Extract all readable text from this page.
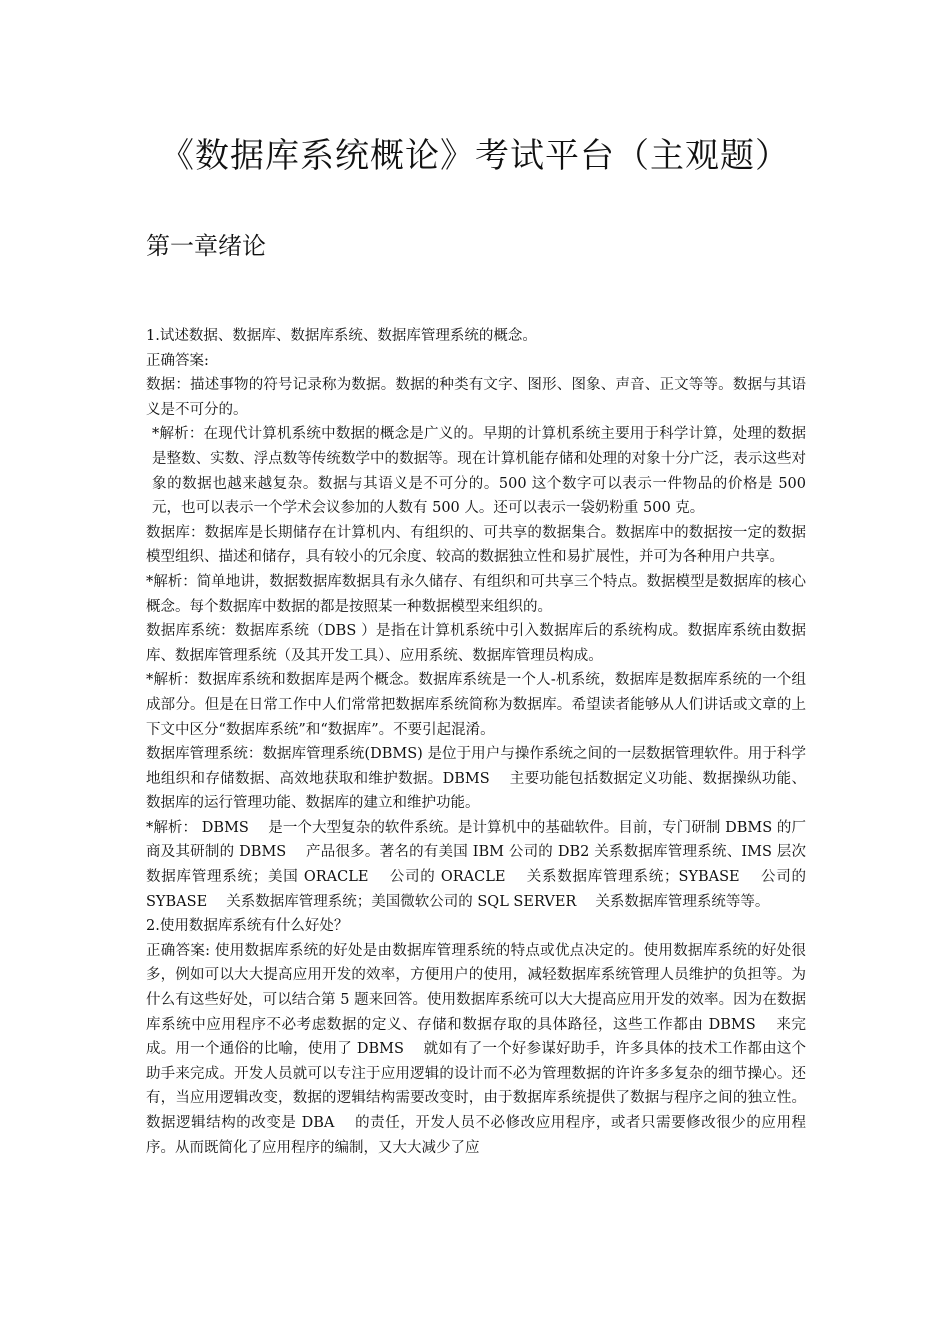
《数据库系统概论》考试平台（主观题）
第一章绪论

1.试述数据、数据库、数据库系统、数据库管理系统的概念。

正确答案:

数据：描述事物的符号记录称为数据。数据的种类有文字、图形、图象、声音、正文等等。数据与其语义是不可分的。

*解析：在现代计算机系统中数据的概念是广义的。早期的计算机系统主要用于科学计算，处理的数据是整数、实数、浮点数等传统数学中的数据等。现在计算机能存储和处理的对象十分广泛，表示这些对象的数据也越来越复杂。数据与其语义是不可分的。500 这个数字可以表示一件物品的价格是 500 元，也可以表示一个学术会议参加的人数有 500 人。还可以表示一袋奶粉重 500 克。

数据库：数据库是长期储存在计算机内、有组织的、可共享的数据集合。数据库中的数据按一定的数据模型组织、描述和储存，具有较小的冗余度、较高的数据独立性和易扩展性，并可为各种用户共享。

*解析：简单地讲，数据数据库数据具有永久储存、有组织和可共享三个特点。数据模型是数据库的核心概念。每个数据库中数据的都是按照某一种数据模型来组织的。

数据库系统：数据库系统（DBS ）是指在计算机系统中引入数据库后的系统构成。数据库系统由数据库、数据库管理系统（及其开发工具）、应用系统、数据库管理员构成。

*解析：数据库系统和数据库是两个概念。数据库系统是一个人-机系统，数据库是数据库系统的一个组成部分。但是在日常工作中人们常常把数据库系统简称为数据库。希望读者能够从人们讲话或文章的上下文中区分“数据库系统”和“数据库”。不要引起混淆。

数据库管理系统：数据库管理系统(DBMS) 是位于用户与操作系统之间的一层数据管理软件。用于科学地组织和存储数据、高效地获取和维护数据。DBMS　 主要功能包括数据定义功能、数据操纵功能、数据库的运行管理功能、数据库的建立和维护功能。

*解析： DBMS　 是一个大型复杂的软件系统。是计算机中的基础软件。目前，专门研制 DBMS 的厂商及其研制的 DBMS　 产品很多。著名的有美国 IBM 公司的 DB2 关系数据库管理系统、IMS 层次数据库管理系统；美国 ORACLE　 公司的 ORACLE　 关系数据库管理系统；SYBASE　 公司的 SYBASE　 关系数据库管理系统；美国微软公司的 SQL SERVER　 关系数据库管理系统等等。

2.使用数据库系统有什么好处？

正确答案: 使用数据库系统的好处是由数据库管理系统的特点或优点决定的。使用数据库系统的好处很多，例如可以大大提高应用开发的效率，方便用户的使用，减轻数据库系统管理人员维护的负担等。为什么有这些好处，可以结合第 5 题来回答。使用数据库系统可以大大提高应用开发的效率。因为在数据库系统中应用程序不必考虑数据的定义、存储和数据存取的具体路径，这些工作都由 DBMS　 来完成。用一个通俗的比喻，使用了 DBMS　 就如有了一个好参谋好助手，许多具体的技术工作都由这个助手来完成。开发人员就可以专注于应用逻辑的设计而不必为管理数据的许许多多复杂的细节操心。还有，当应用逻辑改变，数据的逻辑结构需要改变时，由于数据库系统提供了数据与程序之间的独立性。数据逻辑结构的改变是 DBA　 的责任，开发人员不必修改应用程序，或者只需要修改很少的应用程序。从而既简化了应用程序的编制，又大大减少了应
